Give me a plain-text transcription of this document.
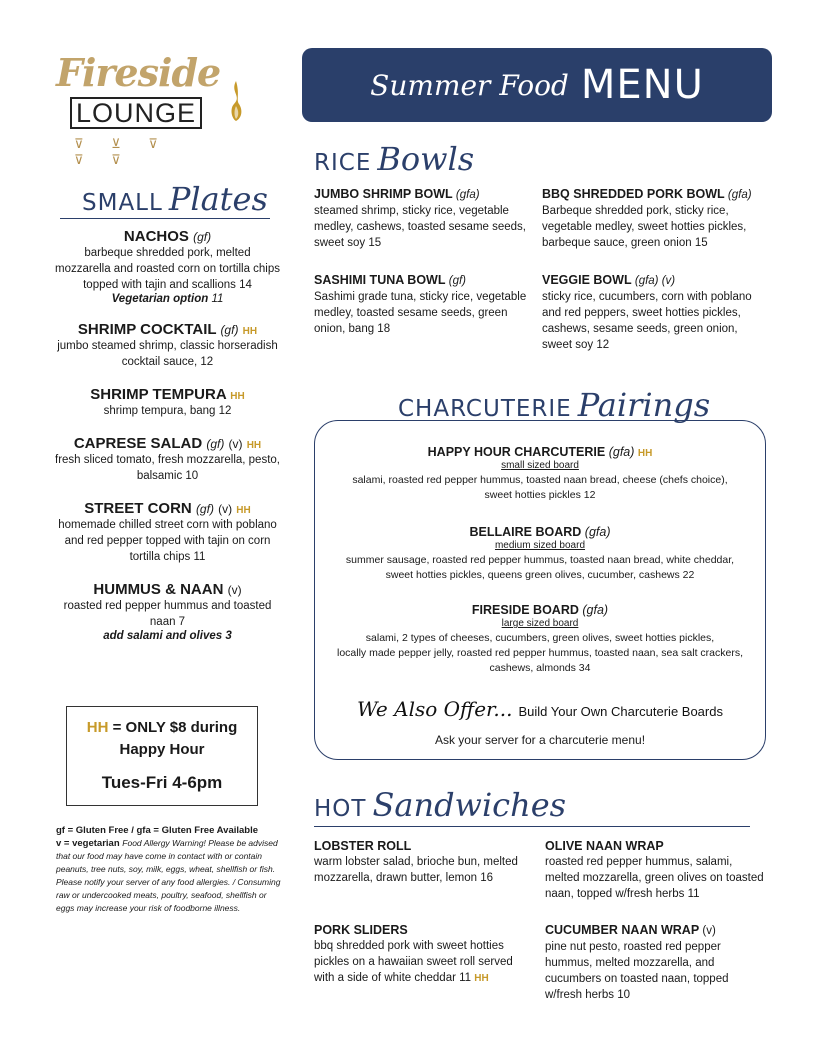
Fireside
LOUNGE
⊽ ⊻ ⊽ ⊽ ⊽
Summer Food MENU
SMALL Plates
NACHOS (gf)
barbeque shredded pork, melted mozzarella and roasted corn on tortilla chips topped with tajin and scallions 14
Vegetarian option 11
SHRIMP COCKTAIL (gf) HH
jumbo steamed shrimp, classic horseradish cocktail sauce, 12
SHRIMP TEMPURA HH
shrimp tempura, bang 12
CAPRESE SALAD (gf) (v) HH
fresh sliced tomato, fresh mozzarella, pesto, balsamic 10
STREET CORN (gf) (v) HH
homemade chilled street corn with poblano and red pepper topped with tajin on corn tortilla chips 11
HUMMUS & NAAN (v)
roasted red pepper hummus and toasted naan 7
add salami and olives 3
HH = ONLY $8 during
Happy Hour
Tues-Fri 4-6pm
gf = Gluten Free / gfa = Gluten Free Available
v = vegetarian Food Allergy Warning! Please be advised that our food may have come in contact with or contain peanuts, tree nuts, soy, milk, eggs, wheat, shellfish or fish. Please notify your server of any food allergies. / Consuming raw or undercooked meats, poultry, seafood, shellfish or eggs may increase your risk of foodborne illness.
RICE Bowls
JUMBO SHRIMP BOWL (gfa)
steamed shrimp, sticky rice, vegetable medley, cashews, toasted sesame seeds, sweet soy 15
BBQ SHREDDED PORK BOWL (gfa)
Barbeque shredded pork, sticky rice, vegetable medley, sweet hotties pickles, barbeque sauce, green onion 15
SASHIMI TUNA BOWL (gf)
Sashimi grade tuna, sticky rice, vegetable medley, toasted sesame seeds, green onion, bang 18
VEGGIE BOWL (gfa) (v)
sticky rice, cucumbers, corn with poblano and red peppers, sweet hotties pickles, cashews, sesame seeds, green onion, sweet soy 12
CHARCUTERIE Pairings
HAPPY HOUR CHARCUTERIE (gfa) HH
small sized board
salami, roasted red pepper hummus, toasted naan bread, cheese (chefs choice),
sweet hotties pickles 12
BELLAIRE BOARD (gfa)
medium sized board
summer sausage, roasted red pepper hummus, toasted naan bread, white cheddar,
sweet hotties pickles, queens green olives, cucumber, cashews 22
FIRESIDE BOARD (gfa)
large sized board
salami, 2 types of cheeses, cucumbers, green olives, sweet hotties pickles,
locally made pepper jelly, roasted red pepper hummus, toasted naan, sea salt crackers,
cashews, almonds 34
We Also Offer... Build Your Own Charcuterie Boards
Ask your server for a charcuterie menu!
HOT Sandwiches
LOBSTER ROLL
warm lobster salad, brioche bun, melted mozzarella, drawn butter, lemon 16
OLIVE NAAN WRAP
roasted red pepper hummus, salami, melted mozzarella, green olives on toasted naan, topped w/fresh herbs 11
PORK SLIDERS
bbq shredded pork with sweet hotties pickles on a hawaiian sweet roll served with a side of white cheddar 11 HH
CUCUMBER NAAN WRAP (v)
pine nut pesto, roasted red pepper hummus, melted mozzarella, and cucumbers on toasted naan, topped w/fresh herbs 10
